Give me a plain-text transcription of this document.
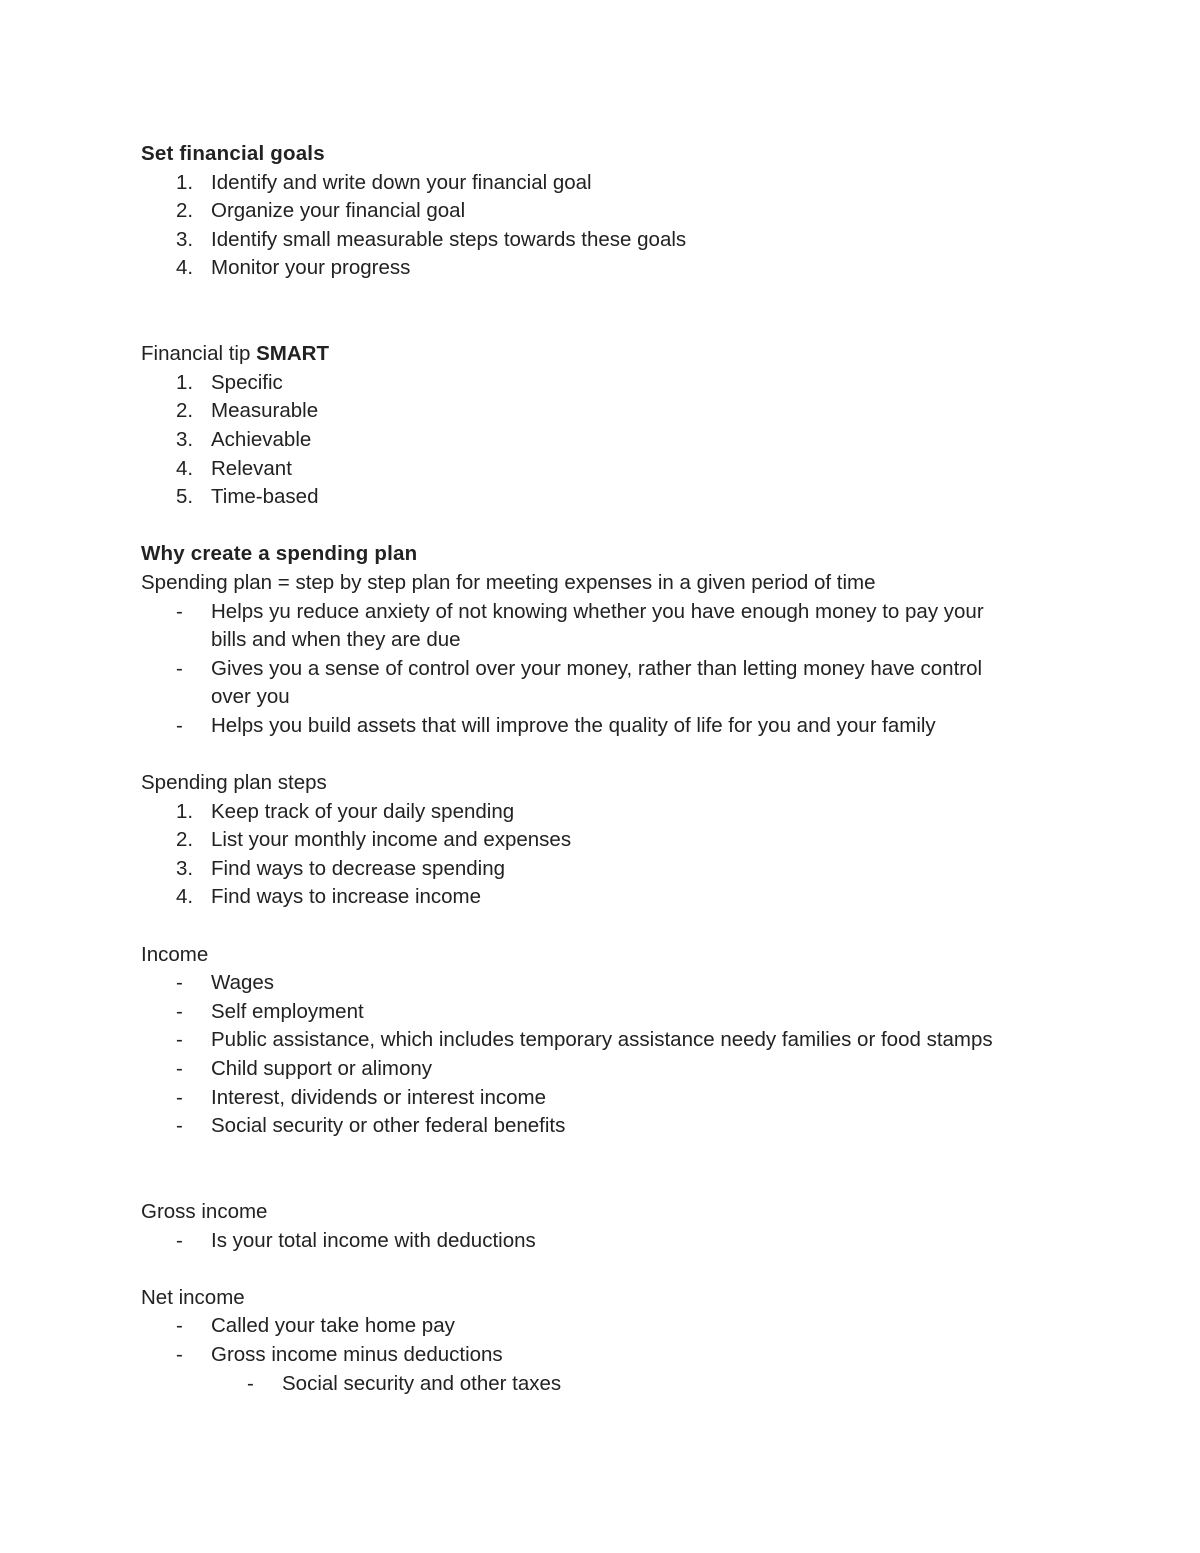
Set financial goals
1. Identify and write down your financial goal
2. Organize your financial goal
3. Identify small measurable steps towards these goals
4. Monitor your progress
Financial tip SMART
1. Specific
2. Measurable
3. Achievable
4. Relevant
5. Time-based
Why create a spending plan
Spending plan = step by step plan for meeting expenses in a given period of time
-	Helps yu reduce anxiety of not knowing whether you have enough money to pay your
bills and when they are due
-	Gives you a sense of control over your money, rather than letting money have control
over you
-	Helps you build assets that will improve the quality of life for you and your family
Spending plan steps
1. Keep track of your daily spending
2. List your monthly income and expenses
3. Find ways to decrease spending
4. Find ways to increase income
Income
-	Wages
-	Self employment
-	Public assistance, which includes temporary assistance needy families or food stamps
-	Child support or alimony
-	Interest, dividends or interest income
-	Social security or other federal benefits
Gross income
-	Is your total income with deductions
Net income
-	Called your take home pay
-	Gross income minus deductions
-	Social security and other taxes
